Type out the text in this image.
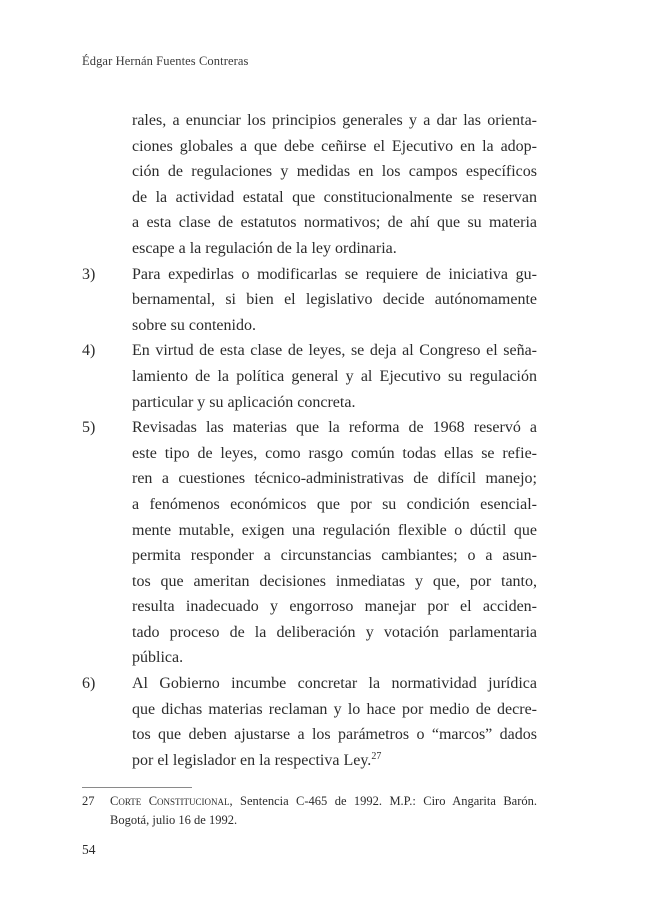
Édgar Hernán Fuentes Contreras
rales, a enunciar los principios generales y a dar las orienta-
ciones globales a que debe ceñirse el Ejecutivo en la adop-
ción de regulaciones y medidas en los campos específicos
de la actividad estatal que constitucionalmente se reservan
a esta clase de estatutos normativos; de ahí que su materia
escape a la regulación de la ley ordinaria.
3)	Para expedirlas o modificarlas se requiere de iniciativa gu-
bernamental, si bien el legislativo decide autónomamente
sobre su contenido.
4)	En virtud de esta clase de leyes, se deja al Congreso el seña-
lamiento de la política general y al Ejecutivo su regulación
particular y su aplicación concreta.
5)	Revisadas las materias que la reforma de 1968 reservó a
este tipo de leyes, como rasgo común todas ellas se refie-
ren a cuestiones técnico-administrativas de difícil manejo;
a fenómenos económicos que por su condición esencial-
mente mutable, exigen una regulación flexible o dúctil que
permita responder a circunstancias cambiantes; o a asun-
tos que ameritan decisiones inmediatas y que, por tanto,
resulta inadecuado y engorroso manejar por el acciden-
tado proceso de la deliberación y votación parlamentaria
pública.
6)	Al Gobierno incumbe concretar la normatividad jurídica
que dichas materias reclaman y lo hace por medio de decre-
tos que deben ajustarse a los parámetros o “marcos” dados
por el legislador en la respectiva Ley.$^{27}$
27	Corte Constitucional, Sentencia C-465 de 1992. M.P.: Ciro Angarita Barón.
Bogotá, julio 16 de 1992.
54
